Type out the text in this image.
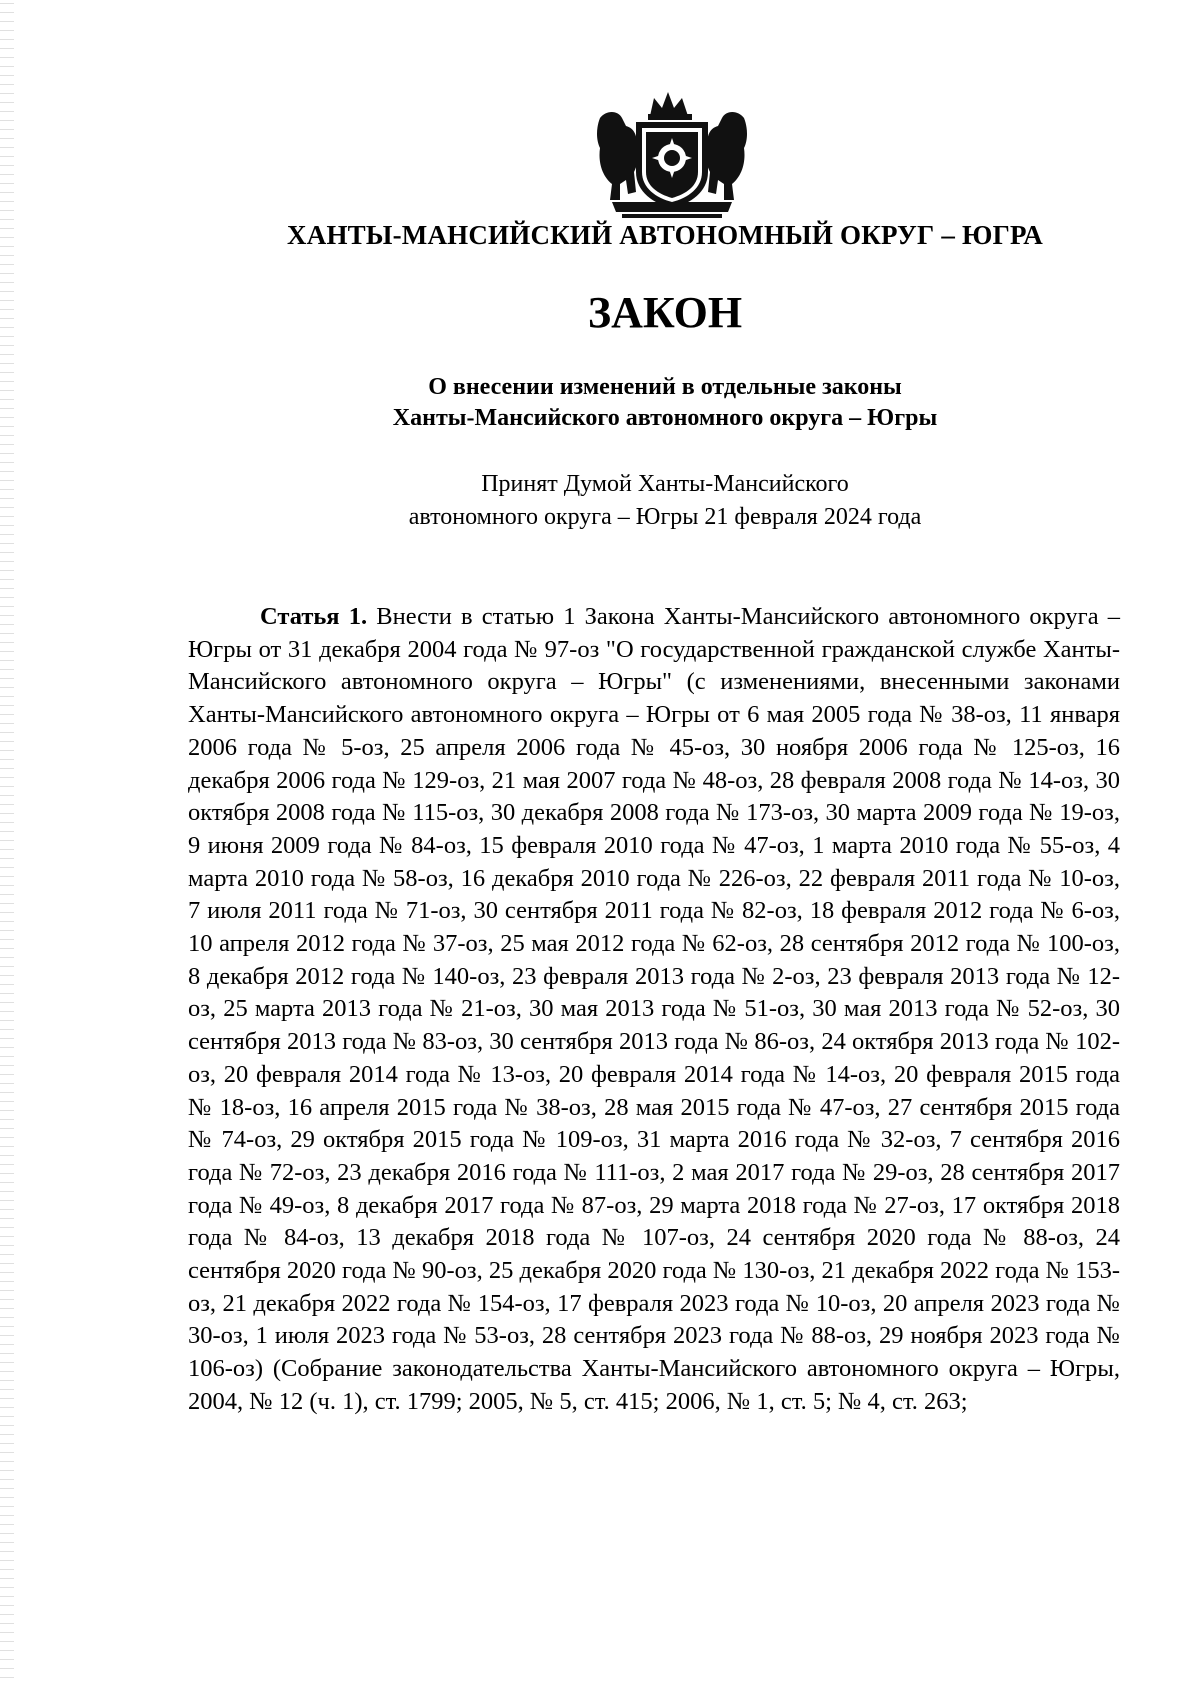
ХАНТЫ-МАНСИЙСКИЙ АВТОНОМНЫЙ ОКРУГ – ЮГРА
ЗАКОН
О внесении изменений в отдельные законы
Ханты-Мансийского автономного округа – Югры
Принят Думой Ханты-Мансийского
автономного округа – Югры 21 февраля 2024 года

Статья 1. Внести в статью 1 Закона Ханты-Мансийского автономного округа – Югры от 31 декабря 2004 года № 97-оз "О государственной гражданской службе Ханты-Мансийского автономного округа – Югры" (с изменениями, внесенными законами Ханты-Мансийского автономного округа – Югры от 6 мая 2005 года № 38-оз, 11 января 2006 года № 5-оз, 25 апреля 2006 года № 45-оз, 30 ноября 2006 года № 125-оз, 16 декабря 2006 года № 129-оз, 21 мая 2007 года № 48-оз, 28 февраля 2008 года № 14-оз, 30 октября 2008 года № 115-оз, 30 декабря 2008 года № 173-оз, 30 марта 2009 года № 19-оз, 9 июня 2009 года № 84-оз, 15 февраля 2010 года № 47-оз, 1 марта 2010 года № 55-оз, 4 марта 2010 года № 58-оз, 16 декабря 2010 года № 226-оз, 22 февраля 2011 года № 10-оз, 7 июля 2011 года № 71-оз, 30 сентября 2011 года № 82-оз, 18 февраля 2012 года № 6-оз, 10 апреля 2012 года № 37-оз, 25 мая 2012 года № 62-оз, 28 сентября 2012 года № 100-оз, 8 декабря 2012 года № 140-оз, 23 февраля 2013 года № 2-оз, 23 февраля 2013 года № 12-оз, 25 марта 2013 года № 21-оз, 30 мая 2013 года № 51-оз, 30 мая 2013 года № 52-оз, 30 сентября 2013 года № 83-оз, 30 сентября 2013 года № 86-оз, 24 октября 2013 года № 102-оз, 20 февраля 2014 года № 13-оз, 20 февраля 2014 года № 14-оз, 20 февраля 2015 года № 18-оз, 16 апреля 2015 года № 38-оз, 28 мая 2015 года № 47-оз, 27 сентября 2015 года № 74-оз, 29 октября 2015 года № 109-оз, 31 марта 2016 года № 32-оз, 7 сентября 2016 года № 72-оз, 23 декабря 2016 года № 111-оз, 2 мая 2017 года № 29-оз, 28 сентября 2017 года № 49-оз, 8 декабря 2017 года № 87-оз, 29 марта 2018 года № 27-оз, 17 октября 2018 года № 84-оз, 13 декабря 2018 года № 107-оз, 24 сентября 2020 года № 88-оз, 24 сентября 2020 года № 90-оз, 25 декабря 2020 года № 130-оз, 21 декабря 2022 года № 153-оз, 21 декабря 2022 года № 154-оз, 17 февраля 2023 года № 10-оз, 20 апреля 2023 года № 30-оз, 1 июля 2023 года № 53-оз, 28 сентября 2023 года № 88-оз, 29 ноября 2023 года № 106-оз) (Собрание законодательства Ханты-Мансийского автономного округа – Югры, 2004, № 12 (ч. 1), ст. 1799; 2005, № 5, ст. 415; 2006, № 1, ст. 5; № 4, ст. 263;
